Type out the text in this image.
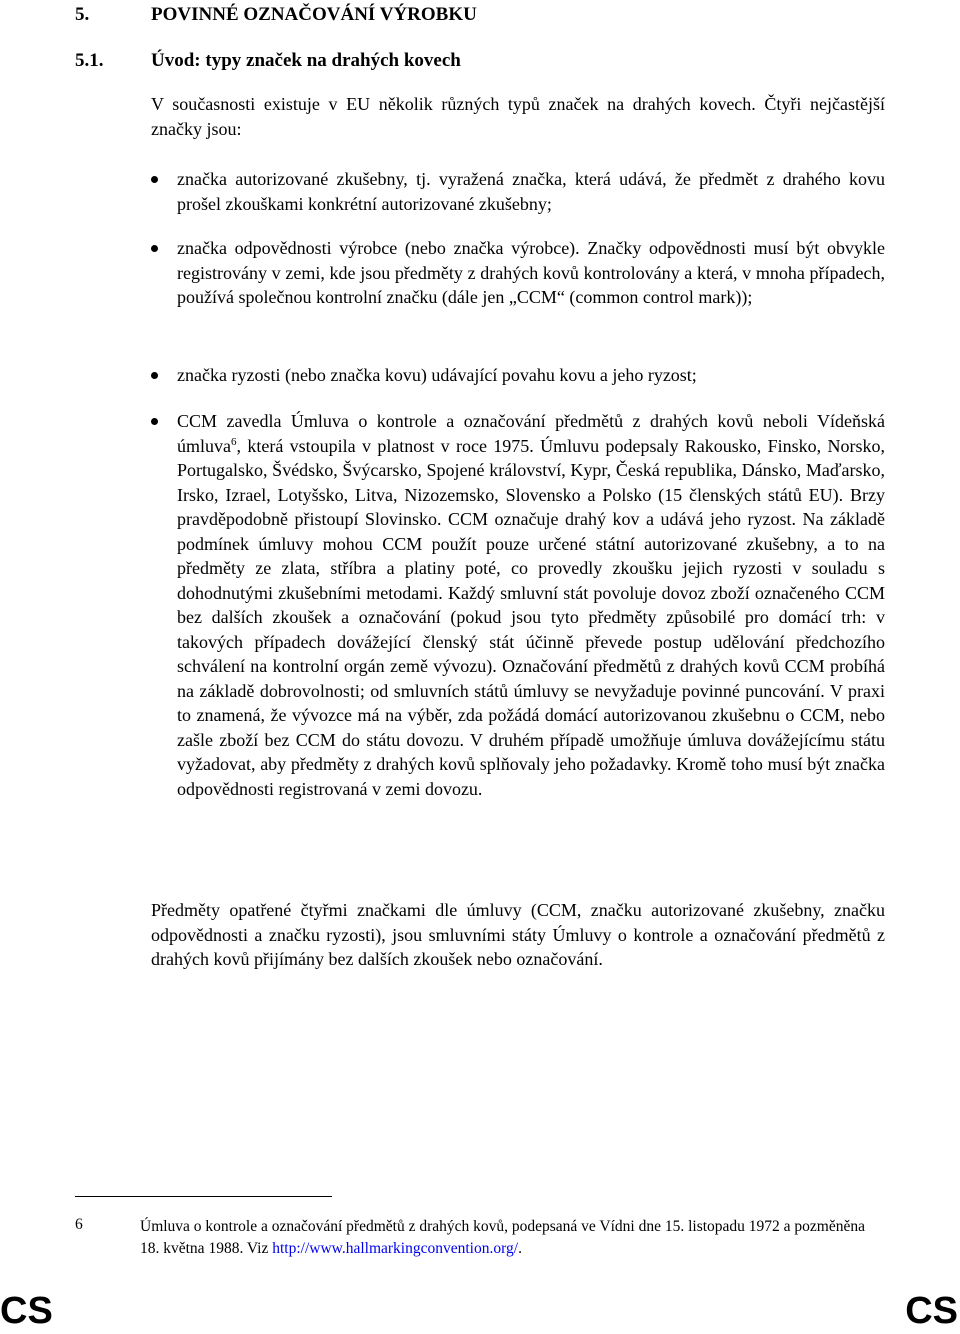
5.	POVINNÉ OZNAČOVÁNÍ VÝROBKU
5.1.	Úvod: typy značek na drahých kovech
V současnosti existuje v EU několik různých typů značek na drahých kovech. Čtyři nejčastější značky jsou:
značka autorizované zkušebny, tj. vyražená značka, která udává, že předmět z drahého kovu prošel zkouškami konkrétní autorizované zkušebny;
značka odpovědnosti výrobce (nebo značka výrobce). Značky odpovědnosti musí být obvykle registrovány v zemi, kde jsou předměty z drahých kovů kontrolovány a která, v mnoha případech, používá společnou kontrolní značku (dále jen „CCM“ (common control mark));
značka ryzosti (nebo značka kovu) udávající povahu kovu a jeho ryzost;
CCM zavedla Úmluva o kontrole a označování předmětů z drahých kovů neboli Vídeňská úmluva$^6$, která vstoupila v platnost v roce 1975. Úmluvu podepsaly Rakousko, Finsko, Norsko, Portugalsko, Švédsko, Švýcarsko, Spojené království, Kypr, Česká republika, Dánsko, Maďarsko, Irsko, Izrael, Lotyšsko, Litva, Nizozemsko, Slovensko a Polsko (15 členských států EU). Brzy pravděpodobně přistoupí Slovinsko. CCM označuje drahý kov a udává jeho ryzost. Na základě podmínek úmluvy mohou CCM použít pouze určené státní autorizované zkušebny, a to na předměty ze zlata, stříbra a platiny poté, co provedly zkoušku jejich ryzosti v souladu s dohodnutými zkušebními metodami. Každý smluvní stát povoluje dovoz zboží označeného CCM bez dalších zkoušek a označování (pokud jsou tyto předměty způsobilé pro domácí trh: v takových případech dovážející členský stát účinně převede postup udělování předchozího schválení na kontrolní orgán země vývozu). Označování předmětů z drahých kovů CCM probíhá na základě dobrovolnosti; od smluvních států úmluvy se nevyžaduje povinné puncování. V praxi to znamená, že vývozce má na výběr, zda požádá domácí autorizovanou zkušebnu o CCM, nebo zašle zboží bez CCM do státu dovozu. V druhém případě umožňuje úmluva dovážejícímu státu vyžadovat, aby předměty z drahých kovů splňovaly jeho požadavky. Kromě toho musí být značka odpovědnosti registrovaná v zemi dovozu.
Předměty opatřené čtyřmi značkami dle úmluvy (CCM, značku autorizované zkušebny, značku odpovědnosti a značku ryzosti), jsou smluvními státy Úmluvy o kontrole a označování předmětů z drahých kovů přijímány bez dalších zkoušek nebo označování.
6	Úmluva o kontrole a označování předmětů z drahých kovů, podepsaná ve Vídni dne 15. listopadu 1972 a pozměněna 18. května 1988. Viz http://www.hallmarkingconvention.org/.
CS	CS
